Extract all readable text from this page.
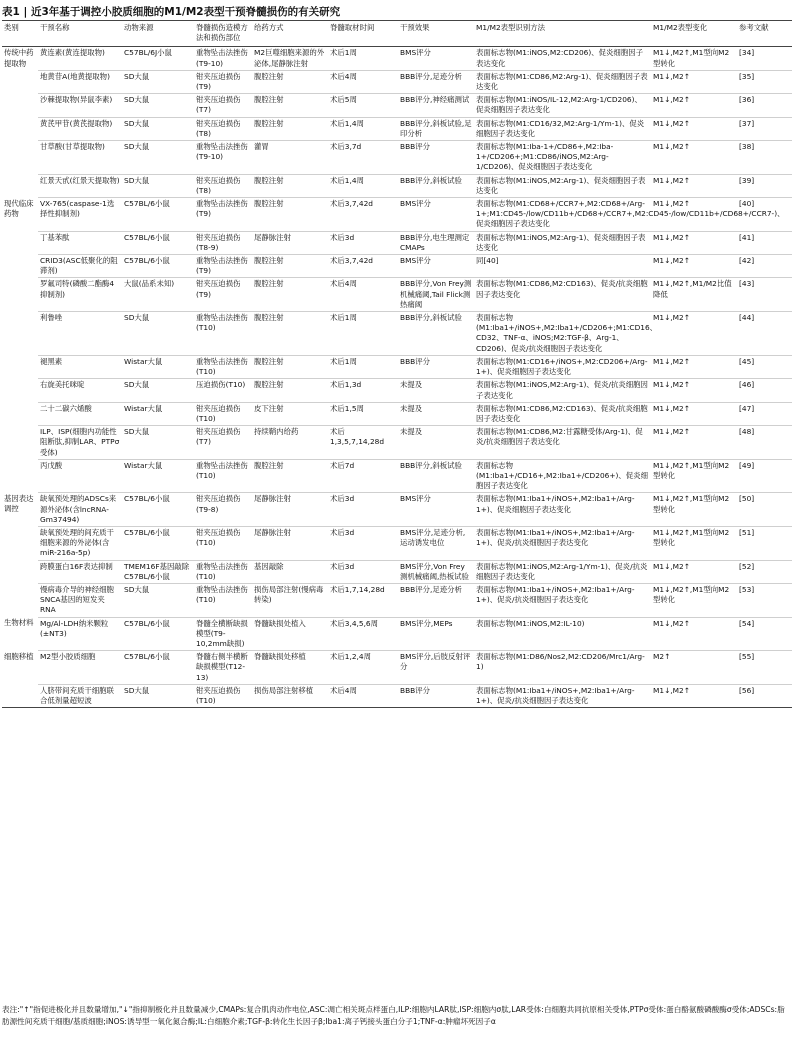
表1 | 近3年基于调控小胶质细胞的M1/M2表型干预脊髓损伤的有关研究
类别	干预名称	动物来源	脊髓损伤造模方法和损伤部位	给药方式	脊髓取材时间	干预效果	M1/M2表型识别方法	M1/M2表型变化	参考文献
传统中药提取物	黄连素(黄连提取物)	C57BL/6J小鼠	重物坠击法挫伤(T9-10)	M2巨噬细胞来源的外泌体,尾静脉注射	术后1周	BMS评分	表面标志物(M1:iNOS,M2:CD206)、促炎细胞因子表达变化	M1↓,M2↑,M1型向M2型转化	[34]
	地黄苷A(地黄提取物)	SD大鼠	钳夹压迫损伤(T9)	腹腔注射	术后4周	BBB评分,足迹分析	表面标志物(M1:CD86,M2:Arg-1)、促炎细胞因子表达变化	M1↓,M2↑	[35]
	沙棘提取物(异鼠李素)	SD大鼠	钳夹压迫损伤(T7)	腹腔注射	术后5周	BBB评分,神经痛测试	表面标志物(M1:iNOS/IL-12,M2:Arg-1/CD206)、促炎细胞因子表达变化	M1↓,M2↑	[36]
	黄芪甲苷(黄芪提取物)	SD大鼠	钳夹压迫损伤(T8)	腹腔注射	术后1,4周	BBB评分,斜板试验,足印分析	表面标志物(M1:CD16/32,M2:Arg-1/Ym-1)、促炎细胞因子表达变化	M1↓,M2↑	[37]
	甘草酸(甘草提取物)	SD大鼠	重物坠击法挫伤(T9-10)	灌胃	术后3,7d	BBB评分	表面标志物(M1:Iba-1+/CD86+,M2:Iba-1+/CD206+;M1:CD86/iNOS,M2:Arg-1/CD206)、促炎细胞因子表达变化	M1↓,M2↑	[38]
	红景天甙(红景天提取物)	SD大鼠	钳夹压迫损伤(T8)	腹腔注射	术后1,4周	BBB评分,斜板试验	表面标志物(M1:iNOS,M2:Arg-1)、促炎细胞因子表达变化	M1↓,M2↑	[39]
现代临床药物	VX-765(caspase-1选择性抑制剂)	C57BL/6小鼠	重物坠击法挫伤(T9)	腹腔注射	术后3,7,42d	BMS评分	表面标志物(M1:CD68+/CCR7+,M2:CD68+/Arg-1+;M1:CD45-/low/CD11b+/CD68+/CCR7+,M2:CD45-/low/CD11b+/CD68+/CCR7-)、促炎细胞因子表达变化	M1↓,M2↑	[40]
	丁基苯酞	C57BL/6小鼠	钳夹压迫损伤(T8-9)	尾静脉注射	术后3d	BBB评分,电生理测定CMAPs	表面标志物(M1:iNOS,M2:Arg-1)、促炎细胞因子表达变化	M1↓,M2↑	[41]
	CRID3(ASC低聚化的阻滞剂)	C57BL/6小鼠	重物坠击法挫伤(T9)	腹腔注射	术后3,7,42d	BMS评分	同[40]	M1↓,M2↑	[42]
	罗氟司特(磷酸二酯酶4抑制剂)	大鼠(品系未知)	钳夹压迫损伤(T9)	腹腔注射	术后4周	BBB评分,Von Frey测机械痛阈,Tail Flick测热痛阈	表面标志物(M1:CD86,M2:CD163)、促炎/抗炎细胞因子表达变化	M1↓,M2↑,M1/M2比值降低	[43]
	利鲁唑	SD大鼠	重物坠击法挫伤(T10)	腹腔注射	术后1周	BBB评分,斜板试验	表面标志物(M1:Iba1+/iNOS+,M2:Iba1+/CD206+;M1:CD16、CD32、TNF-α、iNOS;M2:TGF-β、Arg-1、CD206)、促炎/抗炎细胞因子表达变化	M1↓,M2↑	[44]
	褪黑素	Wistar大鼠	重物坠击法挫伤(T10)	腹腔注射	术后1周	BBB评分	表面标志物(M1:CD16+/iNOS+,M2:CD206+/Arg-1+)、促炎细胞因子表达变化	M1↓,M2↑	[45]
	右旋美托咪啶	SD大鼠	压迫损伤(T10)	腹腔注射	术后1,3d	未提及	表面标志物(M1:iNOS,M2:Arg-1)、促炎/抗炎细胞因子表达变化	M1↓,M2↑	[46]
	二十二碳六烯酸	Wistar大鼠	钳夹压迫损伤(T10)	皮下注射	术后1,5周	未提及	表面标志物(M1:CD86,M2:CD163)、促炎/抗炎细胞因子表达变化	M1↓,M2↑	[47]
	ILP、ISP(细胞内功能性阻断肽,抑制LAR、PTPσ受体)	SD大鼠	钳夹压迫损伤(T7)	持续鞘内给药	术后1,3,5,7,14,28d	未提及	表面标志物(M1:CD86,M2:甘露糖受体/Arg-1)、促炎/抗炎细胞因子表达变化	M1↓,M2↑	[48]
	丙戊酸	Wistar大鼠	重物坠击法挫伤(T10)	腹腔注射	术后7d	BBB评分,斜板试验	表面标志物(M1:Iba1+/CD16+,M2:Iba1+/CD206+)、促炎细胞因子表达变化	M1↓,M2↑,M1型向M2型转化	[49]
基因表达调控	缺氧预处理的ADSCs来源外泌体(含lncRNA-Gm37494)	C57BL/6小鼠	钳夹压迫损伤(T9-8)	尾静脉注射	术后3d	BMS评分	表面标志物(M1:Iba1+/iNOS+,M2:Iba1+/Arg-1+)、促炎细胞因子表达变化	M1↓,M2↑,M1型向M2型转化	[50]
	缺氧预处理的间充质干细胞来源的外泌体(含miR-216a-5p)	C57BL/6小鼠	钳夹压迫损伤(T10)	尾静脉注射	术后3d	BMS评分,足迹分析,运动诱发电位	表面标志物(M1:Iba1+/iNOS+,M2:Iba1+/Arg-1+)、促炎/抗炎细胞因子表达变化	M1↓,M2↑,M1型向M2型转化	[51]
	跨膜蛋白16F表达抑制	TMEM16F基因敲除C57BL/6小鼠	重物坠击法挫伤(T10)	基因敲除	术后3d	BMS评分,Von Frey测机械痛阈,热板试验	表面标志物(M1:iNOS,M2:Arg-1/Ym-1)、促炎/抗炎细胞因子表达变化	M1↓,M2↑	[52]
	慢病毒介导的神经细胞SNCA基因的短发夹RNA	SD大鼠	重物坠击法挫伤(T10)	损伤局部注射(慢病毒转染)	术后1,7,14,28d	BBB评分,足迹分析	表面标志物(M1:Iba1+/iNOS+,M2:Iba1+/Arg-1+)、促炎/抗炎细胞因子表达变化	M1↓,M2↑,M1型向M2型转化	[53]
生物材料	Mg/Al-LDH纳米颗粒(±NT3)	C57BL/6小鼠	脊髓全横断缺损模型(T9-10,2mm缺损)	脊髓缺损处植入	术后3,4,5,6周	BMS评分,MEPs	表面标志物(M1:iNOS,M2:IL-10)	M1↓,M2↑	[54]
细胞移植	M2型小胶质细胞	C57BL/6小鼠	脊髓右侧半横断缺损模型(T12-13)	脊髓缺损处移植	术后1,2,4周	BMS评分,后肢反射评分	表面标志物(M1:D86/Nos2,M2:CD206/Mrc1/Arg-1)	M2↑	[55]
	人脐带间充质干细胞联合低剂量超短波	SD大鼠	钳夹压迫损伤(T10)	损伤局部注射移植	术后4周	BBB评分	表面标志物(M1:Iba1+/iNOS+,M2:Iba1+/Arg-1+)、促炎/抗炎细胞因子表达变化	M1↓,M2↑	[56]
表注:"↑"指促进极化并且数量增加,"↓"指抑制极化并且数量减少,CMAPs:复合肌肉动作电位,ASC:凋亡相关斑点样蛋白,ILP:细胞内LAR肽,ISP:细胞内σ肽,LAR受体:白细胞共同抗原相关受体,PTPσ受体:蛋白酪氨酸磷酸酶σ受体;ADSCs:脂肪源性间充质干细胞/基质细胞;iNOS:诱导型一氧化氮合酶;IL:白细胞介素;TGF-β:转化生长因子β;Iba1:离子钙接头蛋白分子1;TNF-α:肿瘤坏死因子α
